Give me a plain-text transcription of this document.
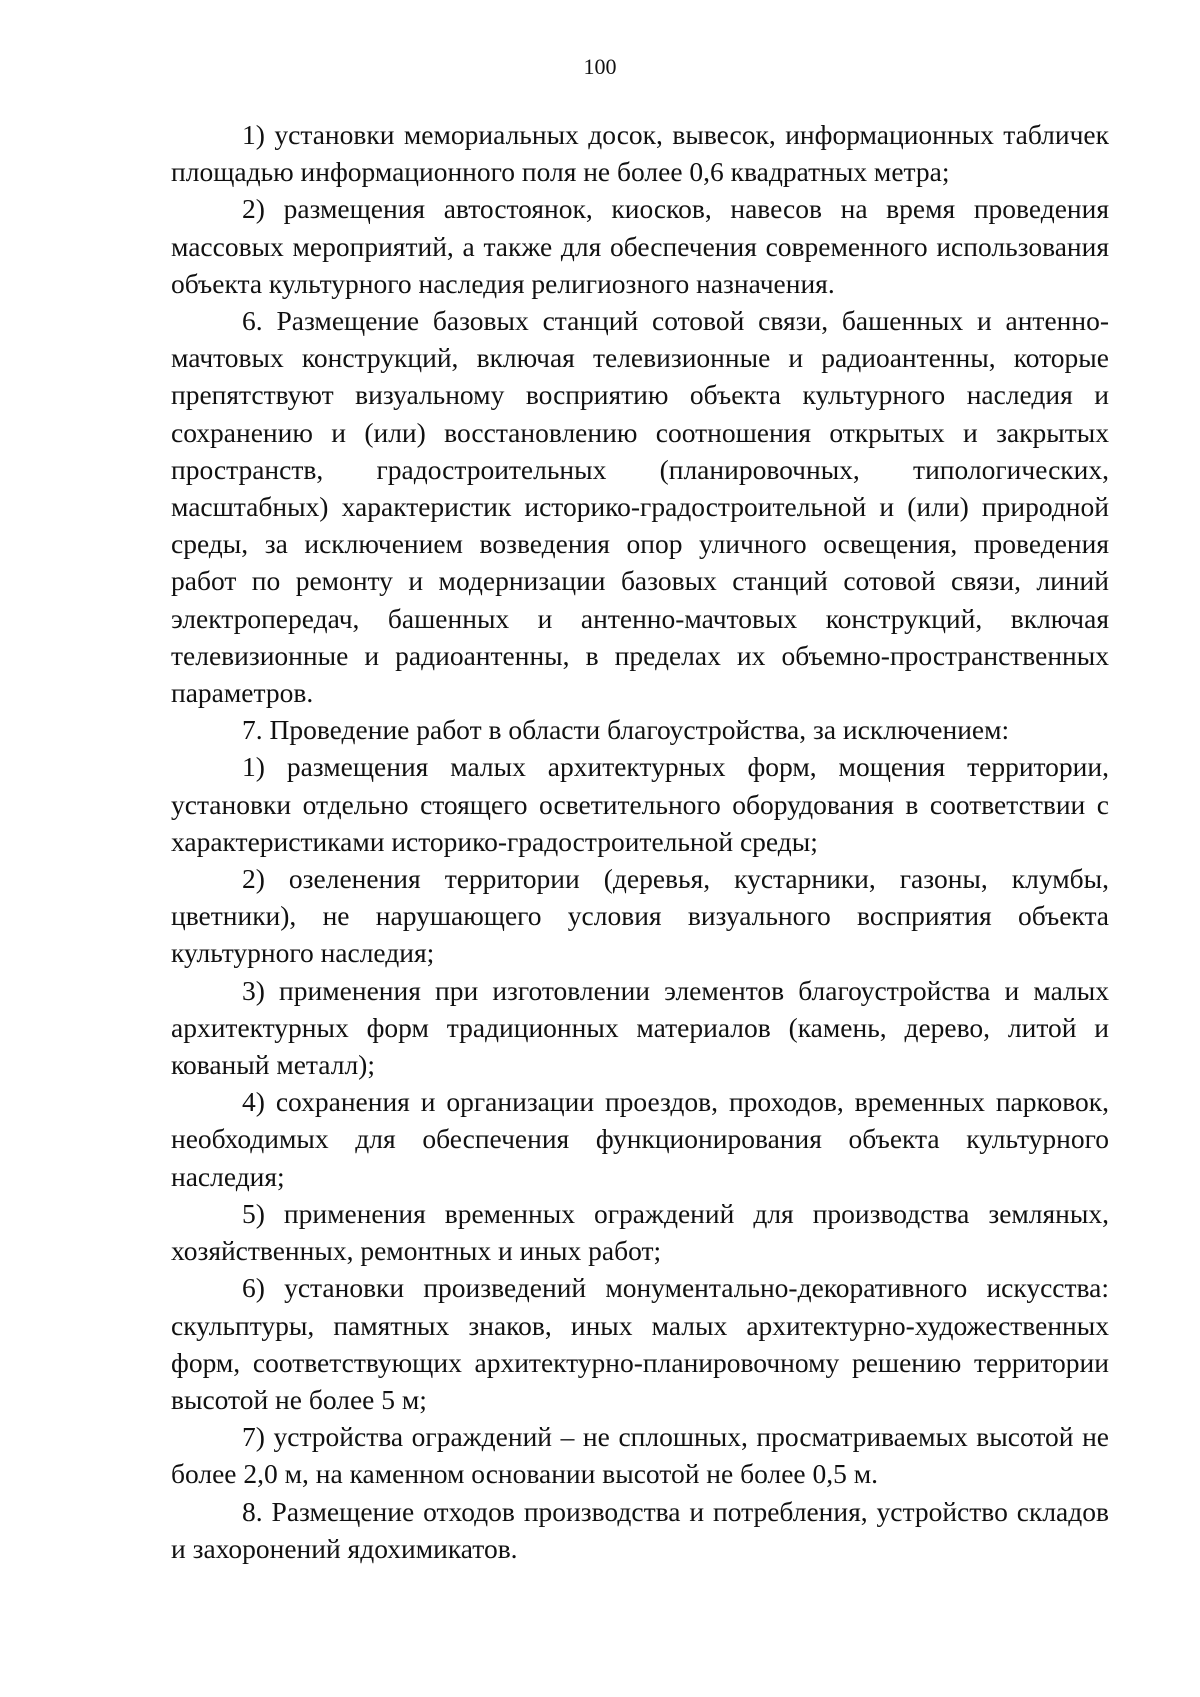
100

1) установки мемориальных досок, вывесок, информационных табличек площадью информационного поля не более 0,6 квадратных метра;

2) размещения автостоянок, киосков, навесов на время проведения массовых мероприятий, а также для обеспечения современного использования объекта культурного наследия религиозного назначения.

6. Размещение базовых станций сотовой связи, башенных и антенно-мачтовых конструкций, включая телевизионные и радиоантенны, которые препятствуют визуальному восприятию объекта культурного наследия и сохранению и (или) восстановлению соотношения открытых и закрытых пространств, градостроительных (планировочных, типологических, масштабных) характеристик историко-градостроительной и (или) природной среды, за исключением возведения опор уличного освещения, проведения работ по ремонту и модернизации базовых станций сотовой связи, линий электропередач, башенных и антенно-мачтовых конструкций, включая телевизионные и радиоантенны, в пределах их объемно-пространственных параметров.

7. Проведение работ в области благоустройства, за исключением:

1) размещения малых архитектурных форм, мощения территории, установки отдельно стоящего осветительного оборудования в соответствии с характеристиками историко-градостроительной среды;

2) озеленения территории (деревья, кустарники, газоны, клумбы, цветники), не нарушающего условия визуального восприятия объекта культурного наследия;

3) применения при изготовлении элементов благоустройства и малых архитектурных форм традиционных материалов (камень, дерево, литой и кованый металл);

4) сохранения и организации проездов, проходов, временных парковок, необходимых для обеспечения функционирования объекта культурного наследия;

5) применения временных ограждений для производства земляных, хозяйственных, ремонтных и иных работ;

6) установки произведений монументально-декоративного искусства: скульптуры, памятных знаков, иных малых архитектурно-художественных форм, соответствующих архитектурно-планировочному решению территории высотой не более 5 м;

7) устройства ограждений – не сплошных, просматриваемых высотой не более 2,0 м, на каменном основании высотой не более 0,5 м.

8. Размещение отходов производства и потребления, устройство складов и захоронений ядохимикатов.
